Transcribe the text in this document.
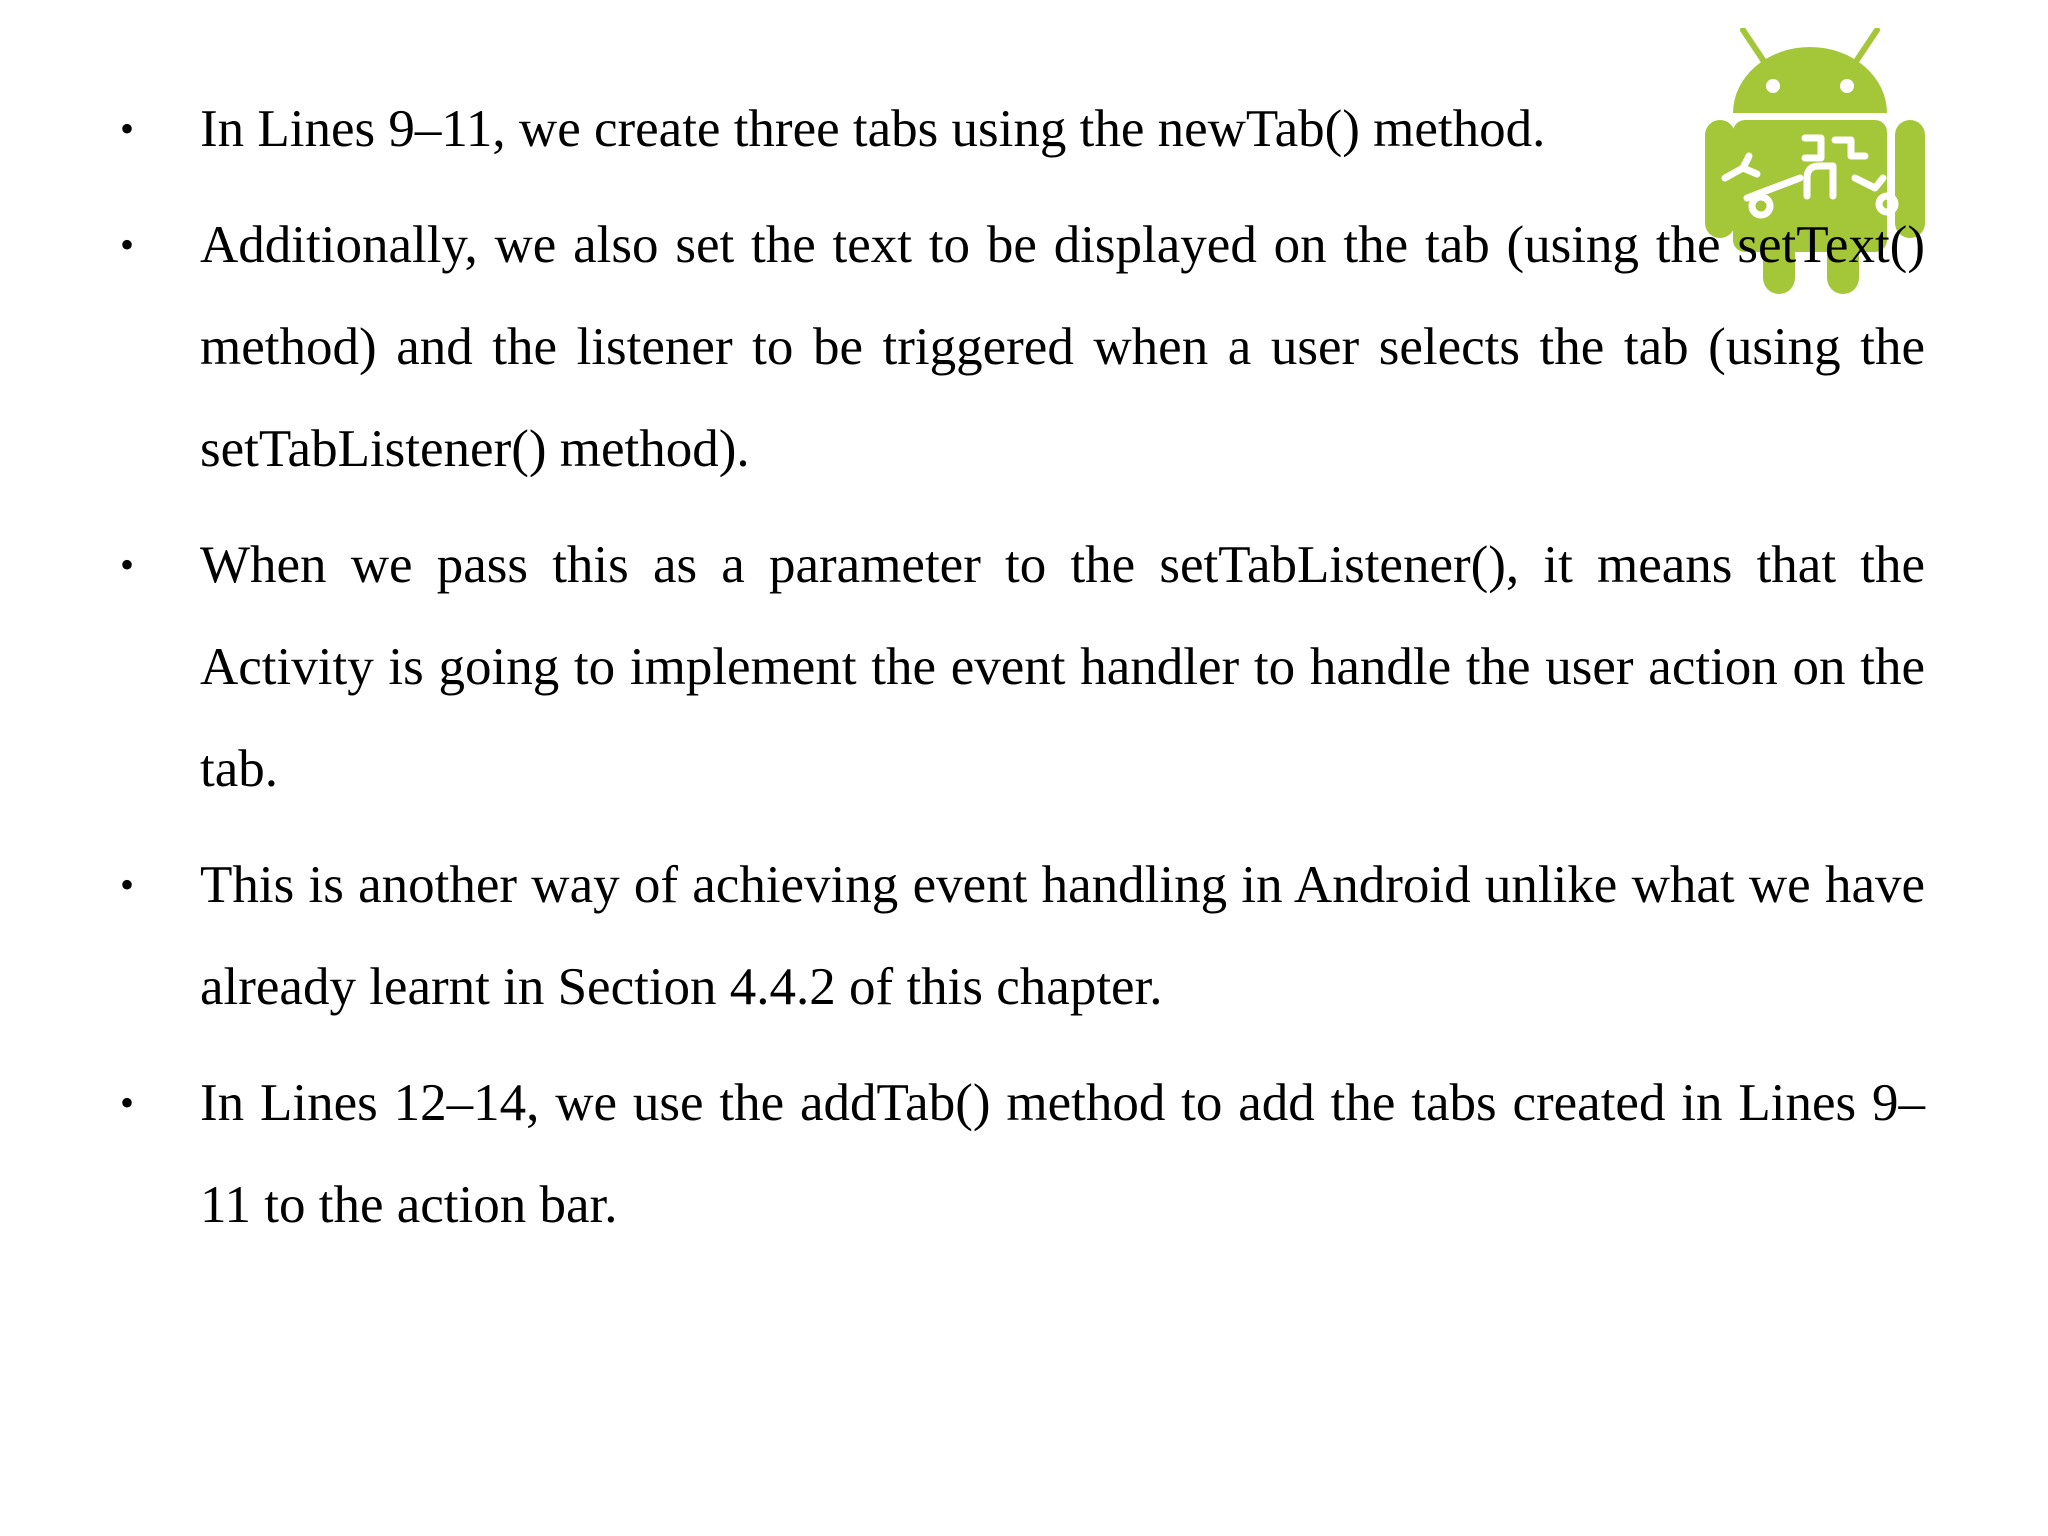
• In Lines 9–11, we create three tabs using the newTab() method.
• Additionally, we also set the text to be displayed on the tab (using the setText() method) and the listener to be triggered when a user selects the tab (using the setTabListener() method).
• When we pass this as a parameter to the setTabListener(), it means that the Activity is going to implement the event handler to handle the user action on the tab.
• This is another way of achieving event handling in Android unlike what we have already learnt in Section 4.4.2 of this chapter.
• In Lines 12–14, we use the addTab() method to add the tabs created in Lines 9–11 to the action bar.
